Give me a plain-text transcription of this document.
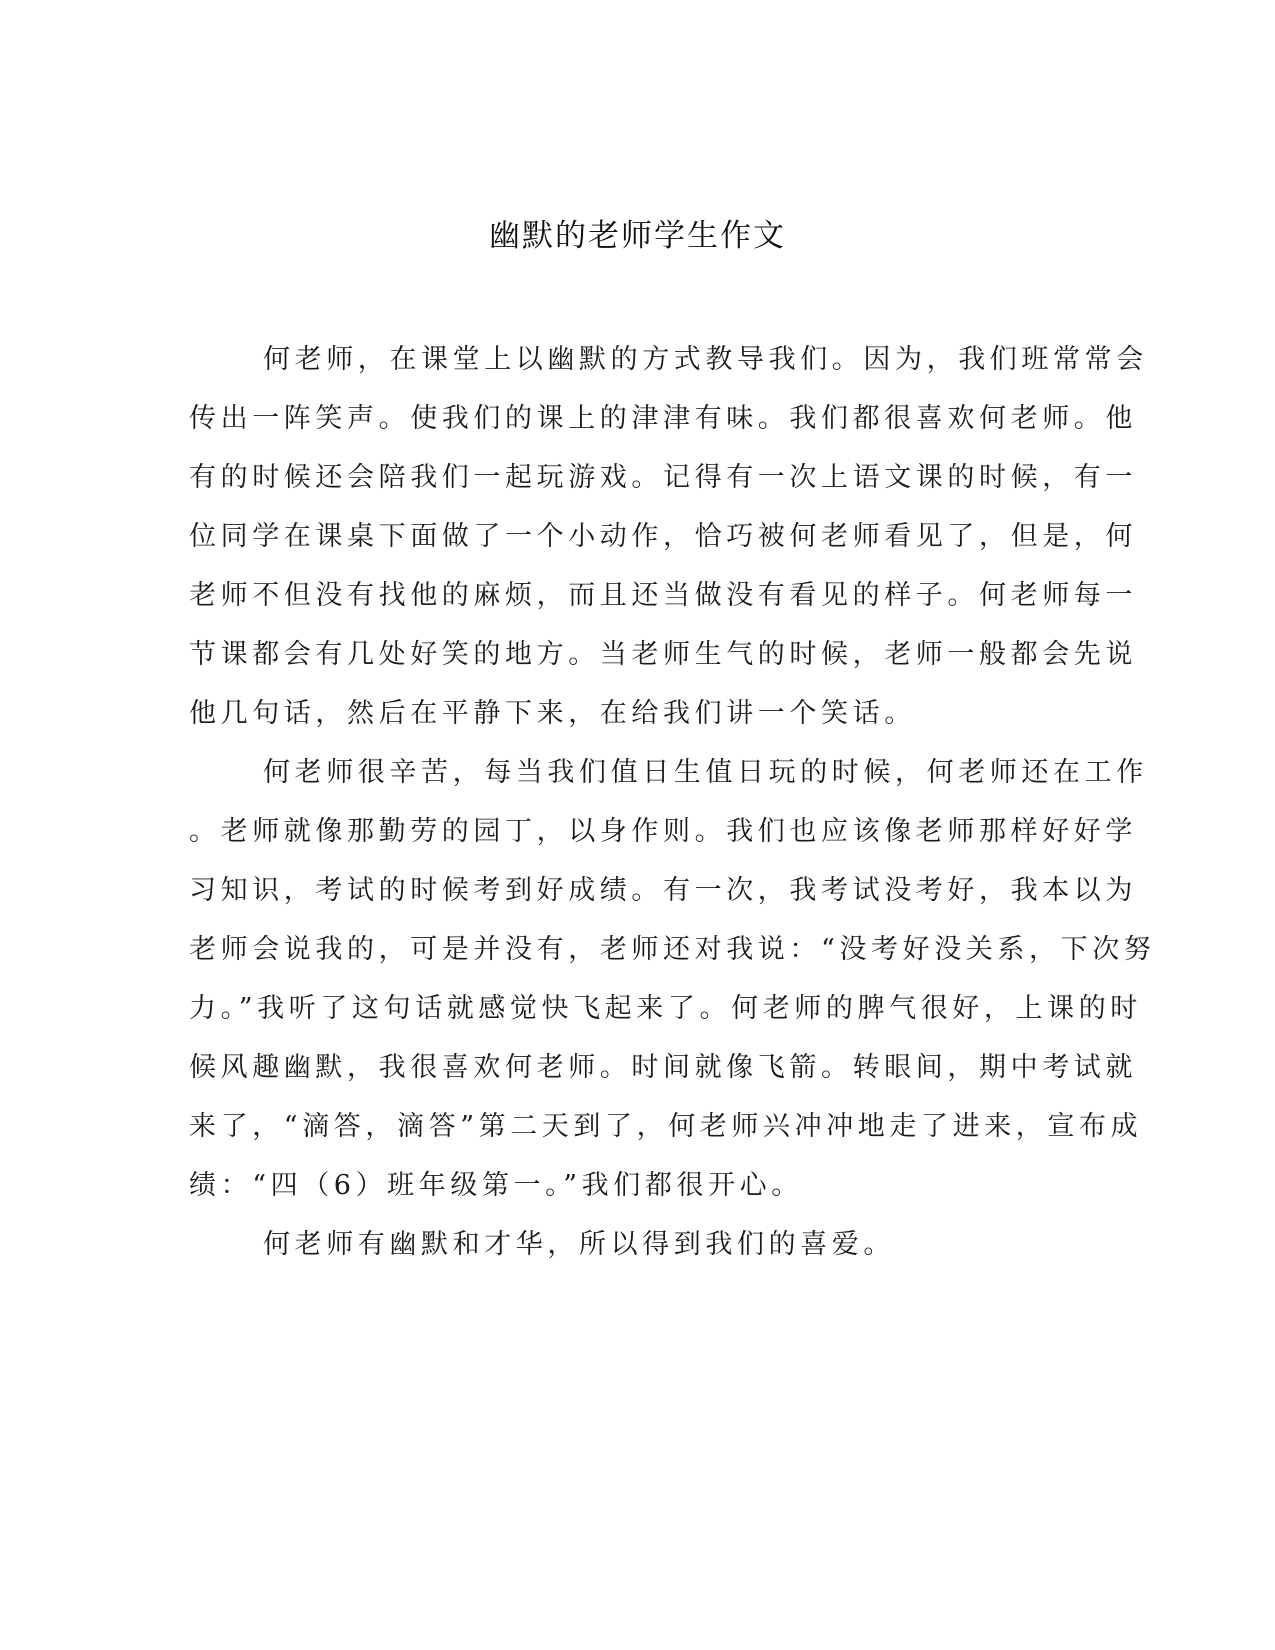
幽默的老师学生作文
何老师，在课堂上以幽默的方式教导我们。因为，我们班常常会
传出一阵笑声。使我们的课上的津津有味。我们都很喜欢何老师。他
有的时候还会陪我们一起玩游戏。记得有一次上语文课的时候，有一
位同学在课桌下面做了一个小动作，恰巧被何老师看见了，但是，何
老师不但没有找他的麻烦，而且还当做没有看见的样子。何老师每一
节课都会有几处好笑的地方。当老师生气的时候，老师一般都会先说
他几句话，然后在平静下来，在给我们讲一个笑话。
何老师很辛苦，每当我们值日生值日玩的时候，何老师还在工作
。老师就像那勤劳的园丁，以身作则。我们也应该像老师那样好好学
习知识，考试的时候考到好成绩。有一次，我考试没考好，我本以为
老师会说我的，可是并没有，老师还对我说：“没考好没关系，下次努
力。”我听了这句话就感觉快飞起来了。何老师的脾气很好，上课的时
候风趣幽默，我很喜欢何老师。时间就像飞箭。转眼间，期中考试就
来了，“滴答，滴答”第二天到了，何老师兴冲冲地走了进来，宣布成
绩：“四（6）班年级第一。”我们都很开心。
何老师有幽默和才华，所以得到我们的喜爱。
